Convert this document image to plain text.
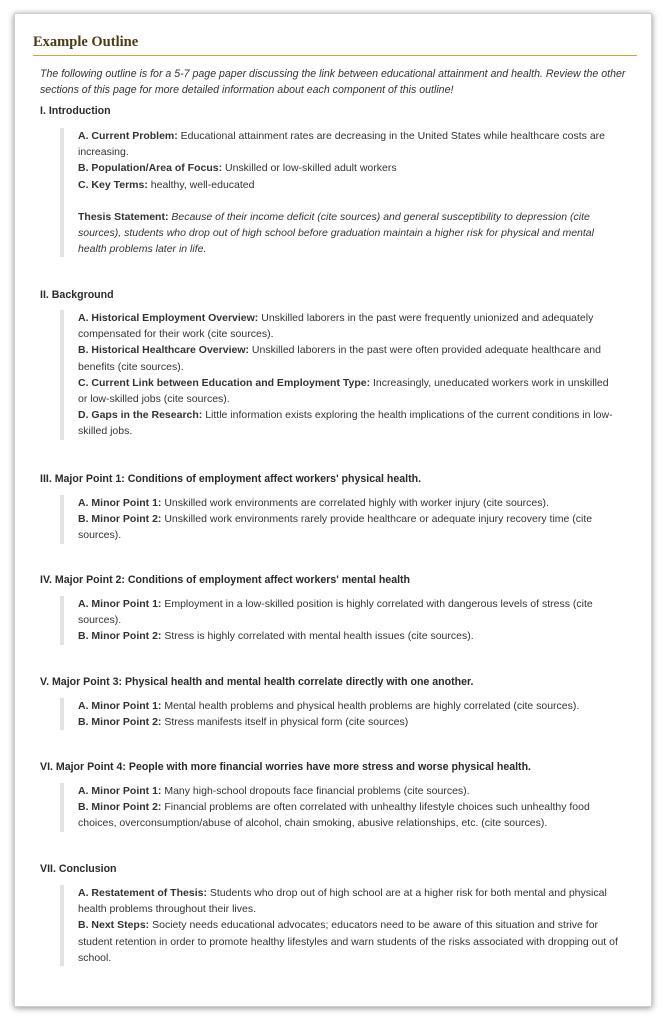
Example Outline

The following outline is for a 5-7 page paper discussing the link between educational attainment and health. Review the other sections of this page for more detailed information about each component of this outline!

I. Introduction

A. Current Problem: Educational attainment rates are decreasing in the United States while healthcare costs are increasing.

B. Population/Area of Focus: Unskilled or low-skilled adult workers

C. Key Terms: healthy, well-educated

Thesis Statement: Because of their income deficit (cite sources) and general susceptibility to depression (cite sources), students who drop out of high school before graduation maintain a higher risk for physical and mental health problems later in life.

II. Background

A. Historical Employment Overview: Unskilled laborers in the past were frequently unionized and adequately compensated for their work (cite sources).

B. Historical Healthcare Overview: Unskilled laborers in the past were often provided adequate healthcare and benefits (cite sources).

C. Current Link between Education and Employment Type: Increasingly, uneducated workers work in unskilled or low-skilled jobs (cite sources).

D. Gaps in the Research: Little information exists exploring the health implications of the current conditions in low-skilled jobs.

III. Major Point 1: Conditions of employment affect workers' physical health.

A. Minor Point 1: Unskilled work environments are correlated highly with worker injury (cite sources).

B. Minor Point 2: Unskilled work environments rarely provide healthcare or adequate injury recovery time (cite sources).

IV. Major Point 2: Conditions of employment affect workers' mental health

A. Minor Point 1: Employment in a low-skilled position is highly correlated with dangerous levels of stress (cite sources).

B. Minor Point 2: Stress is highly correlated with mental health issues (cite sources).

V. Major Point 3: Physical health and mental health correlate directly with one another.

A. Minor Point 1: Mental health problems and physical health problems are highly correlated (cite sources).

B. Minor Point 2: Stress manifests itself in physical form (cite sources)

VI. Major Point 4: People with more financial worries have more stress and worse physical health.

A. Minor Point 1: Many high-school dropouts face financial problems (cite sources).

B. Minor Point 2: Financial problems are often correlated with unhealthy lifestyle choices such unhealthy food choices, overconsumption/abuse of alcohol, chain smoking, abusive relationships, etc. (cite sources).

VII. Conclusion

A. Restatement of Thesis: Students who drop out of high school are at a higher risk for both mental and physical health problems throughout their lives.

B. Next Steps: Society needs educational advocates; educators need to be aware of this situation and strive for student retention in order to promote healthy lifestyles and warn students of the risks associated with dropping out of school.
